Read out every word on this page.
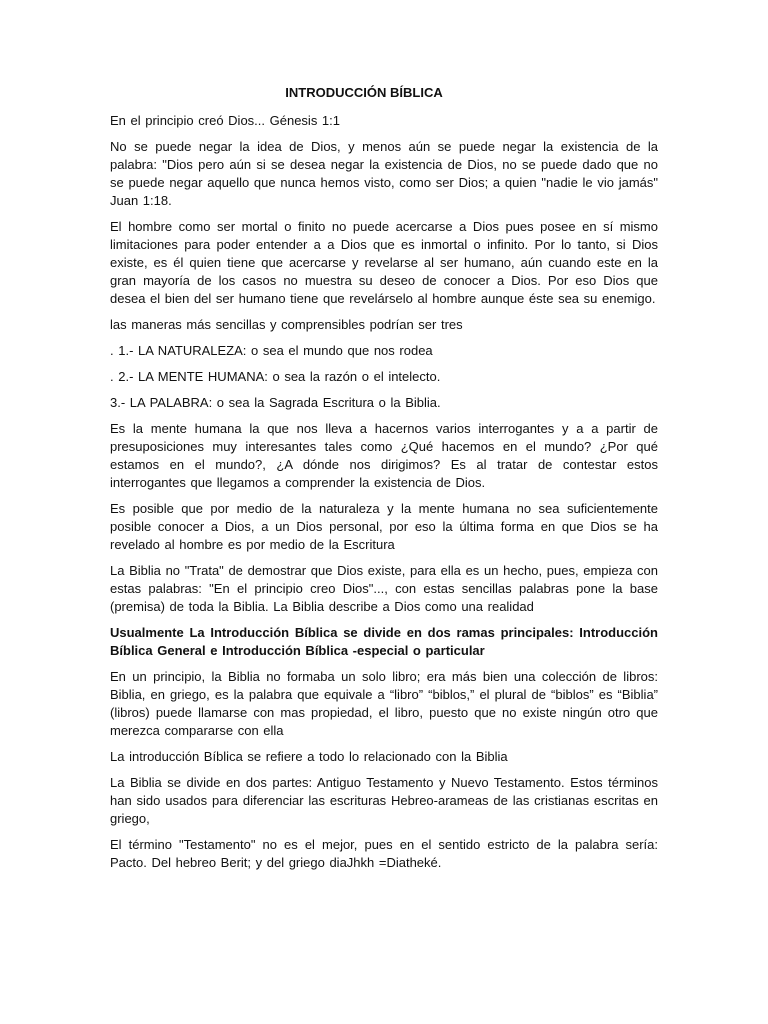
INTRODUCCIÓN BÍBLICA

En el principio creó Dios... Génesis 1:1

No se puede negar la idea de Dios, y menos aún se puede negar la existencia de la palabra: "Dios pero aún si se desea negar la existencia de Dios, no se puede dado que no se puede negar aquello que nunca hemos visto, como ser Dios; a quien "nadie le vio jamás" Juan 1:18.

El hombre como ser mortal o finito no puede acercarse a Dios pues posee en sí mismo limitaciones para poder entender a a Dios que es inmortal o infinito. Por lo tanto, si Dios existe, es él quien tiene que acercarse y revelarse al ser humano, aún cuando este en la gran mayoría de los casos no muestra su deseo de conocer a Dios. Por eso Dios que desea el bien del ser humano tiene que revelárselo al hombre aunque éste sea su enemigo.

las maneras más sencillas y comprensibles podrían ser tres

. 1.- LA NATURALEZA: o sea el mundo que nos rodea

. 2.- LA MENTE HUMANA: o sea la razón o el intelecto.

3.- LA PALABRA: o sea la Sagrada Escritura o la Biblia.

Es la mente humana la que nos lleva a hacernos varios interrogantes y a a partir de presuposiciones muy interesantes tales como ¿Qué hacemos en el mundo? ¿Por qué estamos en el mundo?, ¿A dónde nos dirigimos? Es al tratar de contestar estos interrogantes que llegamos a comprender la existencia de Dios.

Es posible que por medio de la naturaleza y la mente humana no sea suficientemente posible conocer a Dios, a un Dios personal, por eso la última forma en que Dios se ha revelado al hombre es por medio de la Escritura

La Biblia no "Trata" de demostrar que Dios existe, para ella es un hecho, pues, empieza con estas palabras: "En el principio creo Dios"..., con estas sencillas palabras pone la base (premisa) de toda la Biblia. La Biblia describe a Dios como una realidad

Usualmente La Introducción Bíblica se divide en dos ramas principales: Introducción Bíblica General e Introducción Bíblica -especial o particular

En un principio, la Biblia no formaba un solo libro; era más bien una colección de libros: Biblia, en griego, es la palabra que equivale a “libro” “biblos,” el plural de “biblos” es “Biblia” (libros) puede llamarse con mas propiedad, el libro, puesto que no existe ningún otro que merezca compararse con ella

La introducción Bíblica se refiere a todo lo relacionado con la Biblia

La Biblia se divide en dos partes: Antiguo Testamento y Nuevo Testamento. Estos términos han sido usados para diferenciar las escrituras Hebreo-arameas de las cristianas escritas en griego,

El término "Testamento" no es el mejor, pues en el sentido estricto de la palabra sería: Pacto. Del hebreo Berit; y del griego diaJhkh =Diathеké.
